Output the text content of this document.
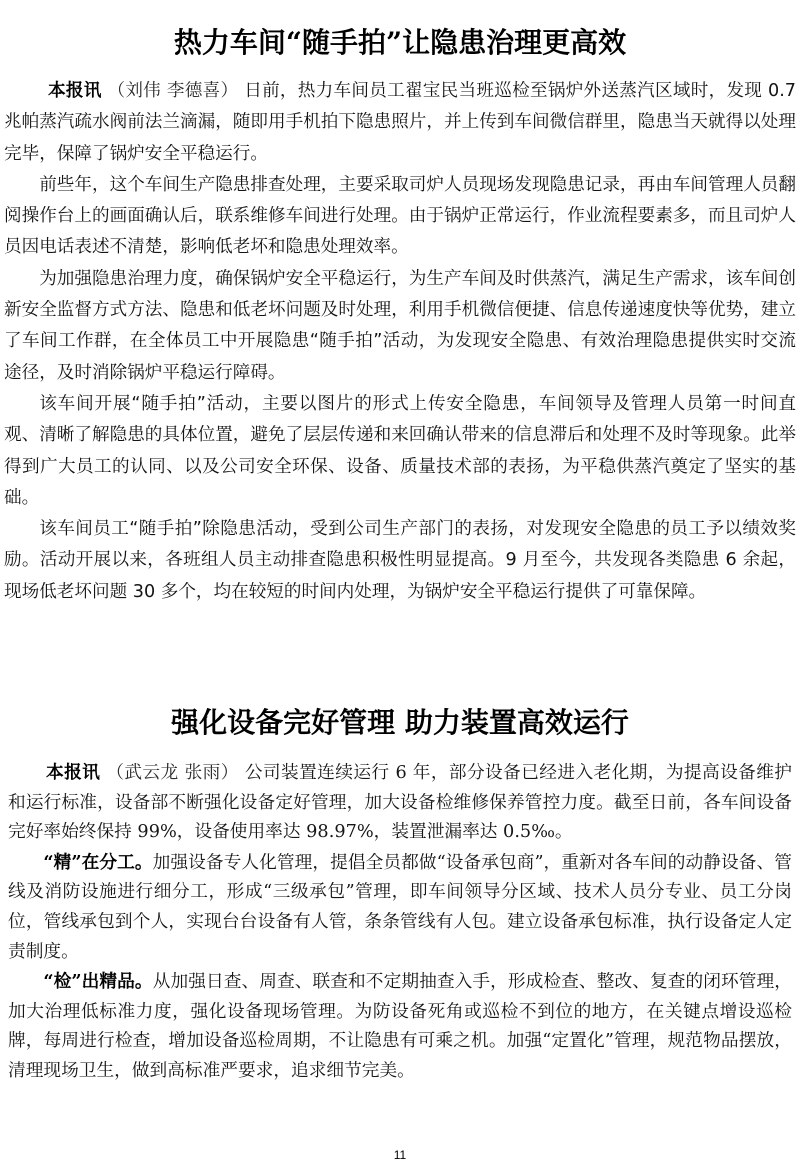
热力车间“随手拍”让隐患治理更高效

本报讯 （刘伟 李德喜） 日前，热力车间员工翟宝民当班巡检至锅炉外送蒸汽区域时，发现 0.7 兆帕蒸汽疏水阀前法兰滴漏，随即用手机拍下隐患照片，并上传到车间微信群里，隐患当天就得以处理完毕，保障了锅炉安全平稳运行。

前些年，这个车间生产隐患排查处理，主要采取司炉人员现场发现隐患记录，再由车间管理人员翻阅操作台上的画面确认后，联系维修车间进行处理。由于锅炉正常运行，作业流程要素多，而且司炉人员因电话表述不清楚，影响低老坏和隐患处理效率。

为加强隐患治理力度，确保锅炉安全平稳运行，为生产车间及时供蒸汽，满足生产需求，该车间创新安全监督方式方法、隐患和低老坏问题及时处理，利用手机微信便捷、信息传递速度快等优势，建立了车间工作群，在全体员工中开展隐患“随手拍”活动，为发现安全隐患、有效治理隐患提供实时交流途径，及时消除锅炉平稳运行障碍。

该车间开展“随手拍”活动，主要以图片的形式上传安全隐患，车间领导及管理人员第一时间直观、清晰了解隐患的具体位置，避免了层层传递和来回确认带来的信息滞后和处理不及时等现象。此举得到广大员工的认同、以及公司安全环保、设备、质量技术部的表扬，为平稳供蒸汽奠定了坚实的基础。

该车间员工“随手拍”除隐患活动，受到公司生产部门的表扬，对发现安全隐患的员工予以绩效奖励。活动开展以来，各班组人员主动排查隐患积极性明显提高。9 月至今，共发现各类隐患 6 余起，现场低老坏问题 30 多个，均在较短的时间内处理，为锅炉安全平稳运行提供了可靠保障。

强化设备完好管理 助力装置高效运行

本报讯 （武云龙 张雨） 公司装置连续运行 6 年，部分设备已经进入老化期，为提高设备维护和运行标准，设备部不断强化设备定好管理，加大设备检维修保养管控力度。截至日前，各车间设备完好率始终保持 99%，设备使用率达 98.97%，装置泄漏率达 0.5‰。

“精”在分工。加强设备专人化管理，提倡全员都做“设备承包商”，重新对各车间的动静设备、管线及消防设施进行细分工，形成“三级承包”管理，即车间领导分区域、技术人员分专业、员工分岗位，管线承包到个人，实现台台设备有人管，条条管线有人包。建立设备承包标准，执行设备定人定责制度。

“检”出精品。从加强日查、周查、联查和不定期抽查入手，形成检查、整改、复查的闭环管理，加大治理低标准力度，强化设备现场管理。为防设备死角或巡检不到位的地方，在关键点增设巡检牌，每周进行检查，增加设备巡检周期，不让隐患有可乘之机。加强“定置化”管理，规范物品摆放，清理现场卫生，做到高标准严要求，追求细节完美。

11
